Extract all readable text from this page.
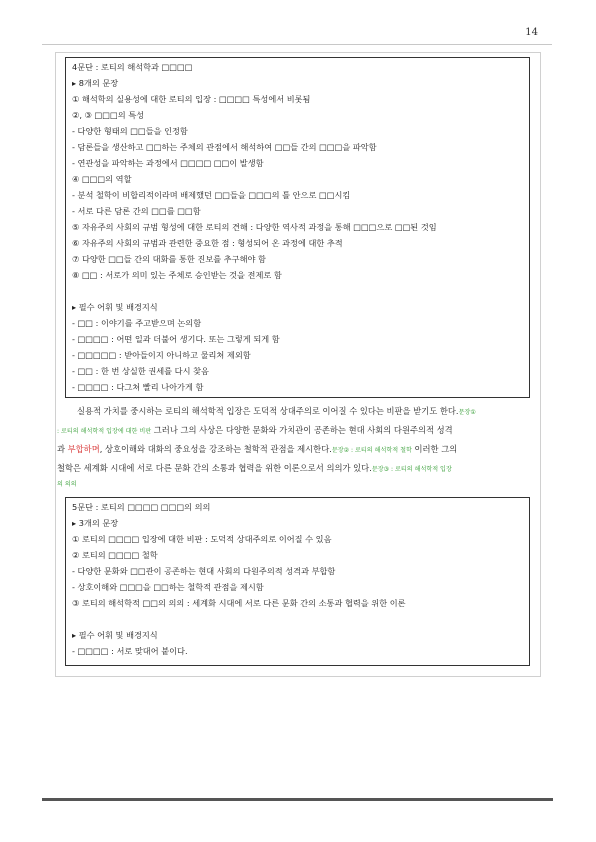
14
4문단 : 로티의 해석학과 □□□□
▸ 8개의 문장
① 해석학의 실용성에 대한 로티의 입장 : □□□□ 특성에서 비롯됨
②, ③ □□□의 특성
- 다양한 형태의 □□들을 인정함
- 담론들을 생산하고 □□하는 주체의 관점에서 해석하여 □□들 간의 □□□을 파악함
- 연관성을 파악하는 과정에서 □□□□ □□이 발생함
④ □□□의 역할
- 분석 철학이 비합리적이라며 배제했던 □□들을 □□□의 틀 안으로 □□시킴
- 서로 다른 담론 간의 □□를 □□함
⑤ 자유주의 사회의 규범 형성에 대한 로티의 견해 : 다양한 역사적 과정을 통해 □□□으로 □□된 것임
⑥ 자유주의 사회의 규범과 관련한 중요한 점 : 형성되어 온 과정에 대한 추적
⑦ 다양한 □□들 간의 대화를 통한 진보를 추구해야 함
⑧ □□ : 서로가 의미 있는 주체로 승인받는 것을 전제로 함
▸ 필수 어휘 및 배경지식
- □□ : 이야기를 주고받으며 논의함
- □□□□ : 어떤 일과 더불어 생기다. 또는 그렇게 되게 함
- □□□□□ : 받아들이지 아니하고 물리쳐 제외함
- □□ : 한 번 상실한 권세를 다시 찾음
- □□□□ : 다그쳐 빨리 나아가게 함
실용적 가치를 중시하는 로티의 해석학적 입장은 도덕적 상대주의로 이어질 수 있다는 비판을 받기도 한다.문장①
: 로티의 해석학적 입장에 대한 비판 그러나 그의 사상은 다양한 문화와 가치관이 공존하는 현대 사회의 다원주의적 성격
과 부합하며, 상호이해와 대화의 중요성을 강조하는 철학적 관점을 제시한다.문장② : 로티의 해석학적 철학 이러한 그의
철학은 세계화 시대에 서로 다른 문화 간의 소통과 협력을 위한 이론으로서 의의가 있다.문장③ : 로티의 해석학적 입장
의 의의
5문단 : 로티의 □□□□ □□□의 의의
▸ 3개의 문장
① 로티의 □□□□ 입장에 대한 비판 : 도덕적 상대주의로 이어질 수 있음
② 로티의 □□□□ 철학
- 다양한 문화와 □□관이 공존하는 현대 사회의 다원주의적 성격과 부합함
- 상호이해와 □□□을 □□하는 철학적 관점을 제시함
③ 로티의 해석학적 □□의 의의 : 세계화 시대에 서로 다른 문화 간의 소통과 협력을 위한 이론
▸ 필수 어휘 및 배경지식
- □□□□ : 서로 맞대어 붙이다.
